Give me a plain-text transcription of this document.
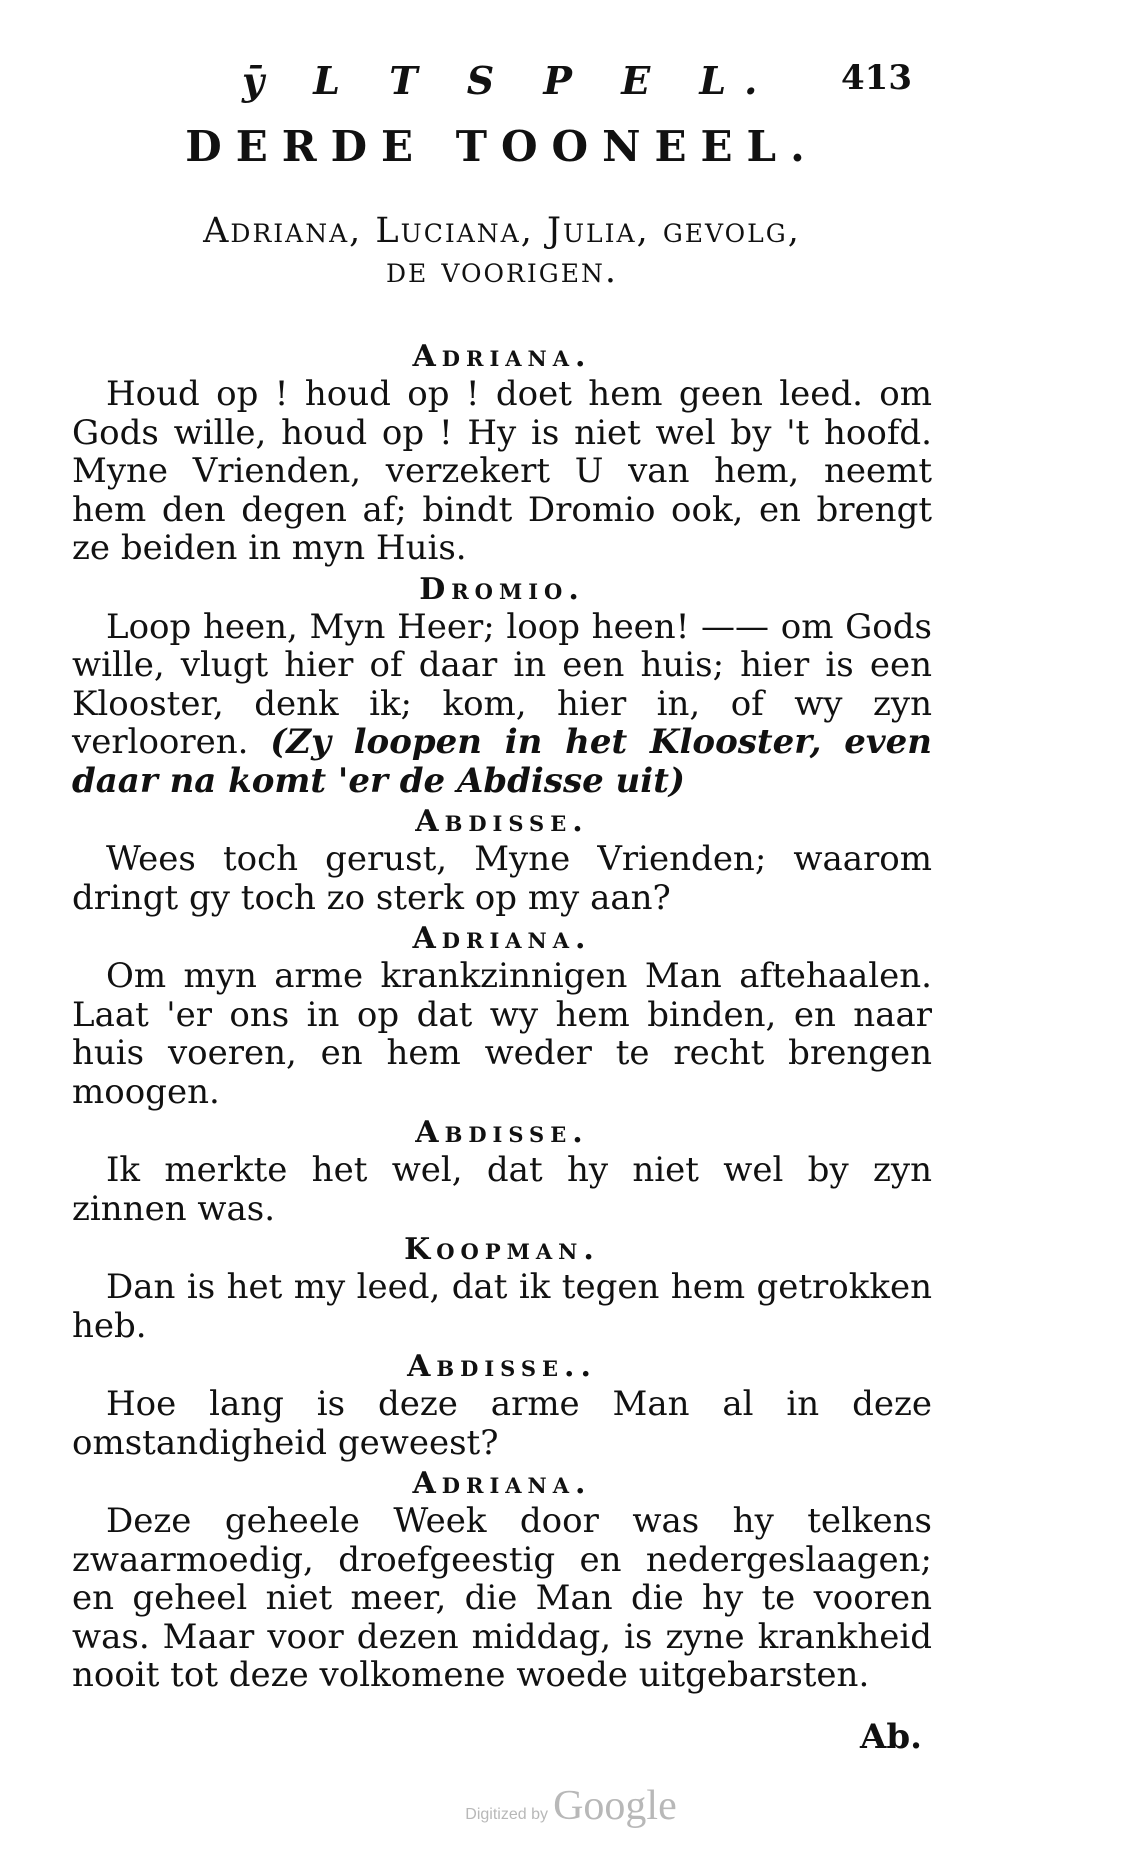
ȳ L T S P E L. 413
DERDE TOONEEL.
Adriana, Luciana, Julia, gevolg,
de voorigen.
Adriana.
Houd op ! houd op ! doet hem geen leed. om Gods wille, houd op ! Hy is niet wel by 't hoofd. Myne Vrienden, verzekert U van hem, neemt hem den degen af; bindt Dromio ook, en brengt ze beiden in myn Huis.
Dromio.
Loop heen, Myn Heer; loop heen! —— om Gods wille, vlugt hier of daar in een huis; hier is een Klooster, denk ik; kom, hier in, of wy zyn verlooren. (Zy loopen in het Klooster, even daar na komt 'er de Abdisse uit)
Abdisse.
Wees toch gerust, Myne Vrienden; waarom dringt gy toch zo sterk op my aan?
Adriana.
Om myn arme krankzinnigen Man aftehaalen. Laat 'er ons in op dat wy hem binden, en naar huis voeren, en hem weder te recht brengen moogen.
Abdisse.
Ik merkte het wel, dat hy niet wel by zyn zinnen was.
Koopman.
Dan is het my leed, dat ik tegen hem getrokken heb.
Abdisse..
Hoe lang is deze arme Man al in deze omstandigheid geweest?
Adriana.
Deze geheele Week door was hy telkens zwaarmoedig, droefgeestig en nedergeslaagen; en geheel niet meer, die Man die hy te vooren was. Maar voor dezen middag, is zyne krankheid nooit tot deze volkomene woede uitgebarsten.
Ab.
Digitized by Google
